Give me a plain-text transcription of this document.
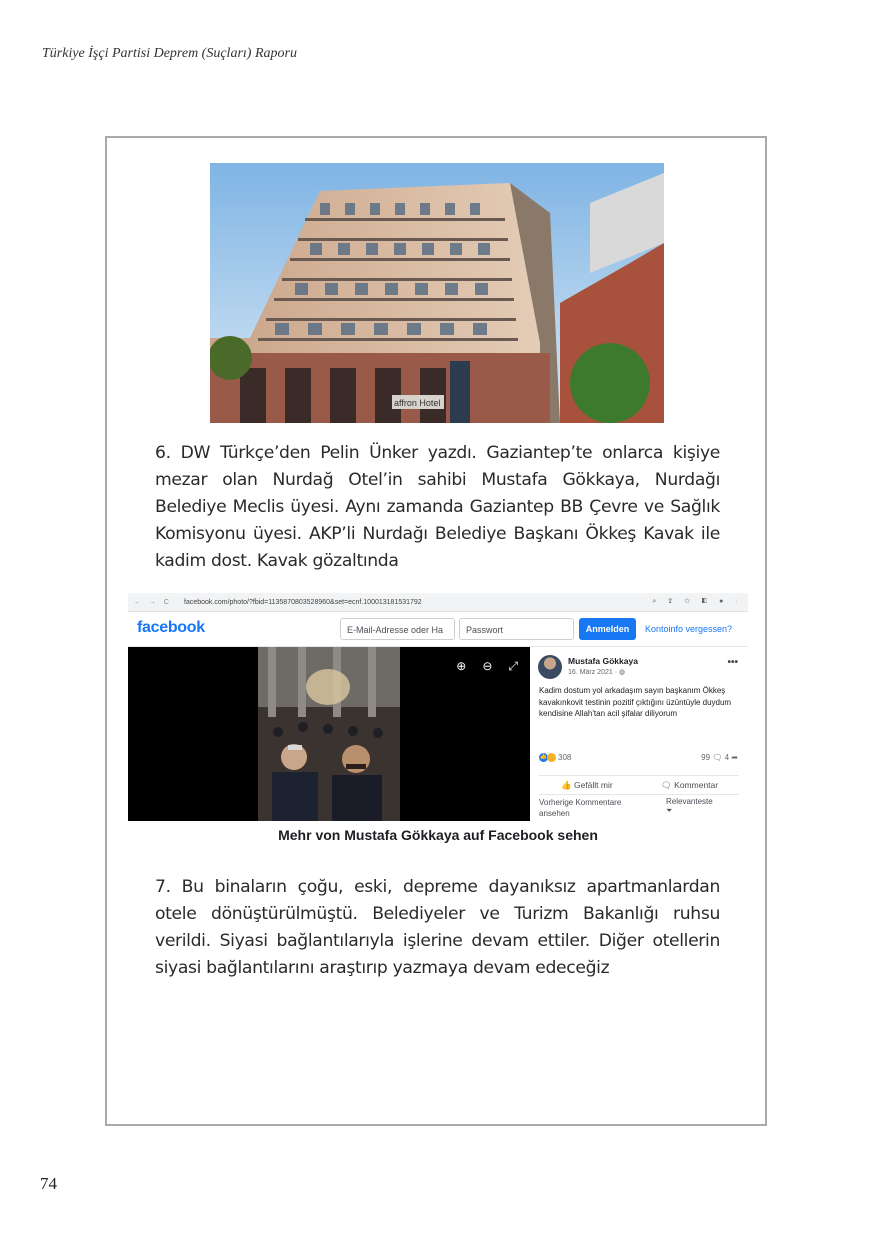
Türkiye İşçi Partisi Deprem (Suçları) Raporu
affron Hotel

6. DW Türkçe’den Pelin Ünker yazdı. Gaziantep’te onlarca kişiye mezar olan Nurdağ Otel’in sahibi Mustafa Gökkaya, Nurdağı Belediye Meclis üyesi. Aynı zamanda Gaziantep BB Çevre ve Sağlık Komisyonu üyesi. AKP’li Nurdağı Belediye Başkanı Ökkeş Kavak ile kadim dost. Kavak gözaltında

← → C	facebook.com/photo/?fbid=1135870803528960&set=ecnf.100013181531792	⌕ ⇪ ☆ ◧ ● ⋮
facebook	E-Mail-Adresse oder Ha	Passwort	Anmelden	Kontoinfo vergessen?
⊕ ⊖ ⤢	Mustafa Gökkaya
16. März 2021 · ◍
•••
Kadim dostum yol arkadaşım sayın başkanım Ökkeş kavakınkovit testinin pozitif çıktığını üzüntüyle duydum kendisine Allah'tan acil şifalar diliyorum
👍 308	99 🗨 4 ➦
👍 Gefällt mir	🗨 Kommentar
Vorherige Kommentare ansehen
Relevanteste
⏷
Mehr von Mustafa Gökkaya auf Facebook sehen

7. Bu binaların çoğu, eski, depreme dayanıksız apartmanlardan otele dönüştürülmüştü. Belediyeler ve Turizm Bakanlığı ruhsu verildi. Siyasi bağlantılarıyla işlerine devam ettiler. Diğer otellerin siyasi bağlantılarını araştırıp yazmaya devam edeceğiz

74
